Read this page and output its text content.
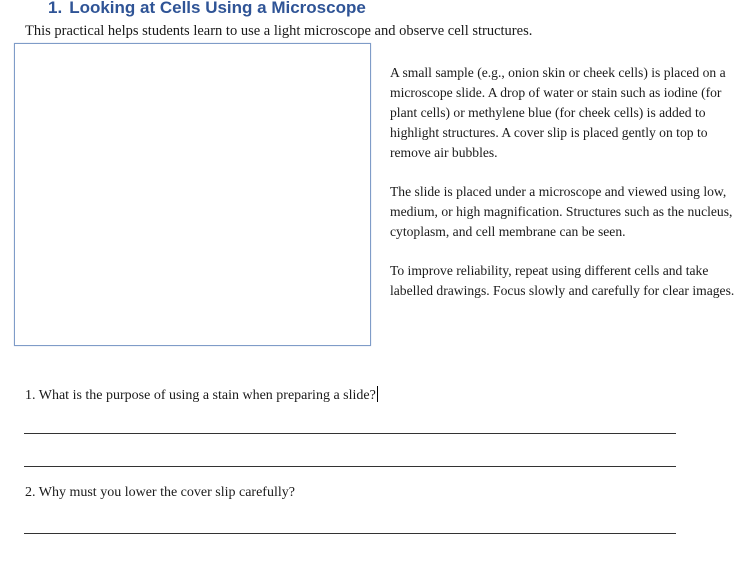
1. Looking at Cells Using a Microscope
This practical helps students learn to use a light microscope and observe cell structures.

A small sample (e.g., onion skin or cheek cells) is placed on a microscope slide. A drop of water or stain such as iodine (for plant cells) or methylene blue (for cheek cells) is added to highlight structures. A cover slip is placed gently on top to remove air bubbles.

The slide is placed under a microscope and viewed using low, medium, or high magnification. Structures such as the nucleus, cytoplasm, and cell membrane can be seen.

To improve reliability, repeat using different cells and take labelled drawings. Focus slowly and carefully for clear images.

1. What is the purpose of using a stain when preparing a slide?
2. Why must you lower the cover slip carefully?
